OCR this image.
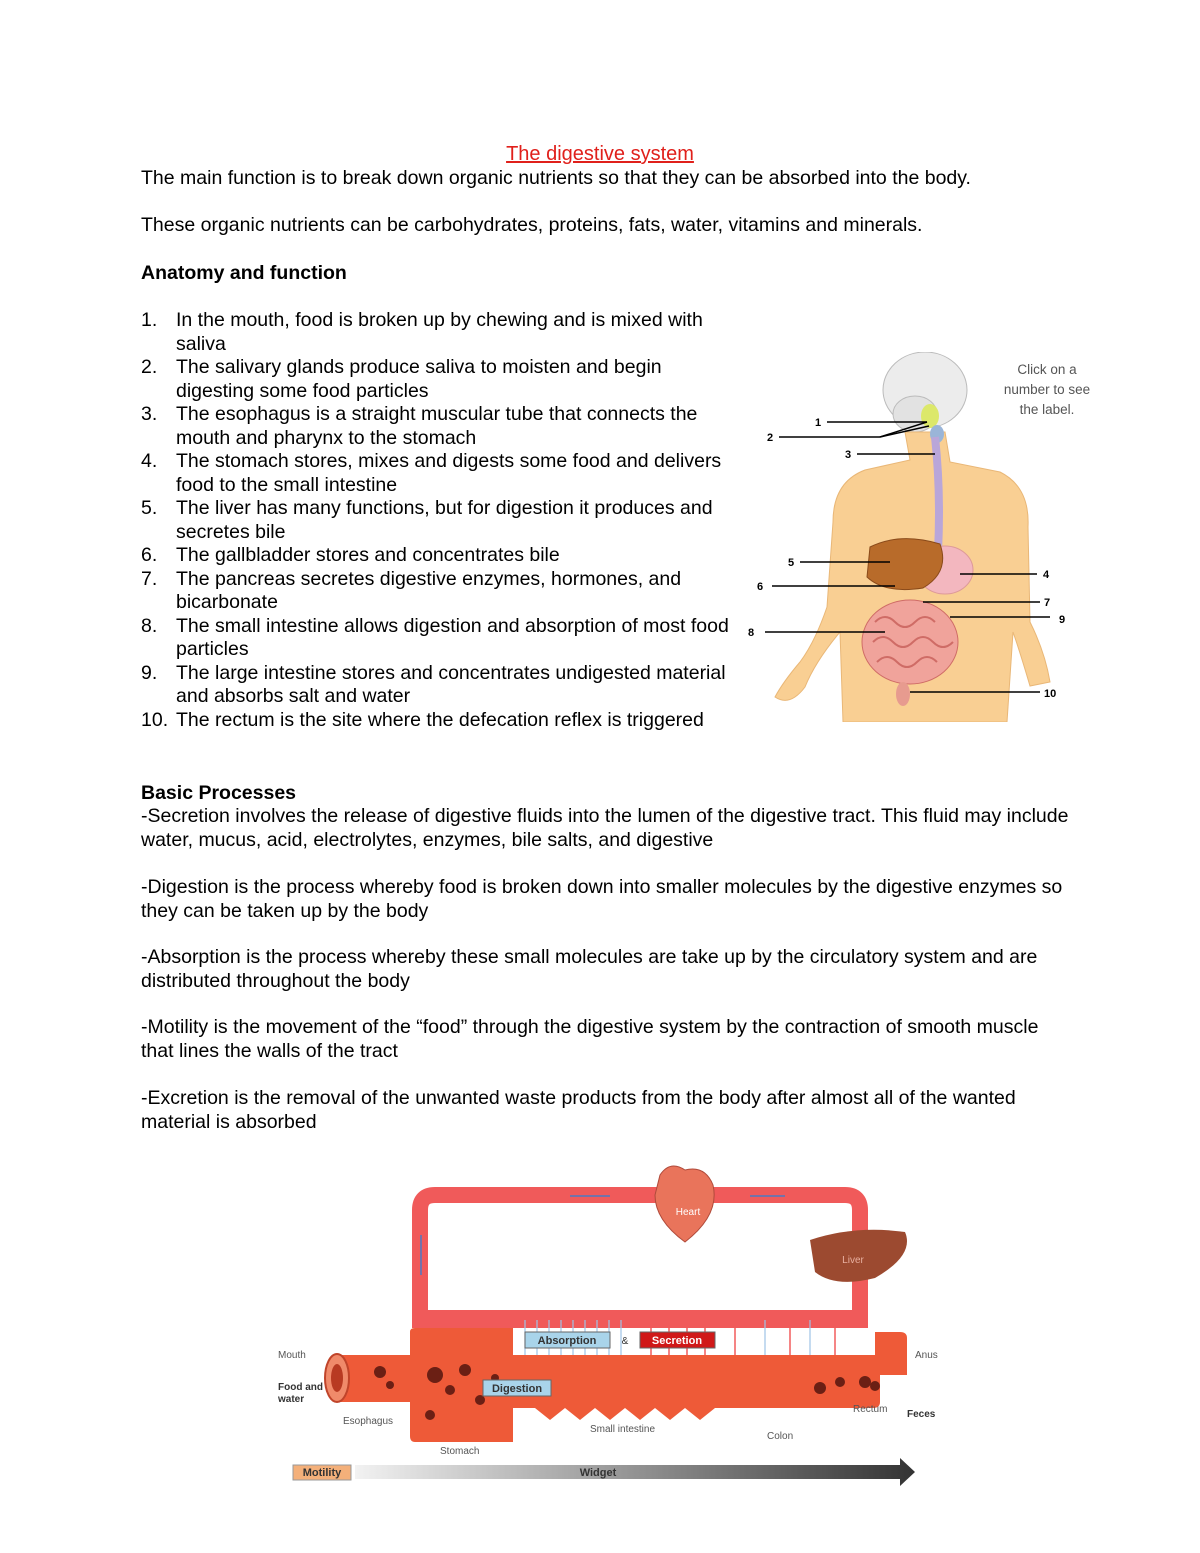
The digestive system
The main function is to break down organic nutrients so that they can be absorbed into the body.
These organic nutrients can be carbohydrates, proteins, fats, water, vitamins and minerals.
Anatomy and function
1. In the mouth, food is broken up by chewing and is mixed with saliva
2. The salivary glands produce saliva to moisten and begin digesting some food particles
3. The esophagus is a straight muscular tube that connects the mouth and pharynx to the stomach
4. The stomach stores, mixes and digests some food and delivers food to the small intestine
5. The liver has many functions, but for digestion it produces and secretes bile
6. The gallbladder stores and concentrates bile
7. The pancreas secretes digestive enzymes, hormones, and bicarbonate
8. The small intestine allows digestion and absorption of most food particles
9. The large intestine stores and concentrates undigested material and absorbs salt and water
10. The rectum is the site where the defecation reflex is triggered
Click on a
number to see
the label.
1
2
3
4
5
6
7
9
8
10
Basic Processes
-Secretion involves the release of digestive fluids into the lumen of the digestive tract. This fluid may include water, mucus, acid, electrolytes, enzymes, bile salts, and digestive
-Digestion is the process whereby food is broken down into smaller molecules by the digestive enzymes so they can be taken up by the body
-Absorption is the process whereby these small molecules are take up by the circulatory system and are distributed throughout the body
-Motility is the movement of the “food” through the digestive system by the contraction of smooth muscle that lines the walls of the tract
-Excretion is the removal of the unwanted waste products from the body after almost all of the wanted material is absorbed
Heart
Liver
Absorption	& Secretion
Digestion
Mouth
Food and
water
Esophagus
Stomach
Small intestine
Colon
Rectum
Anus
Feces
Motility	Widget
